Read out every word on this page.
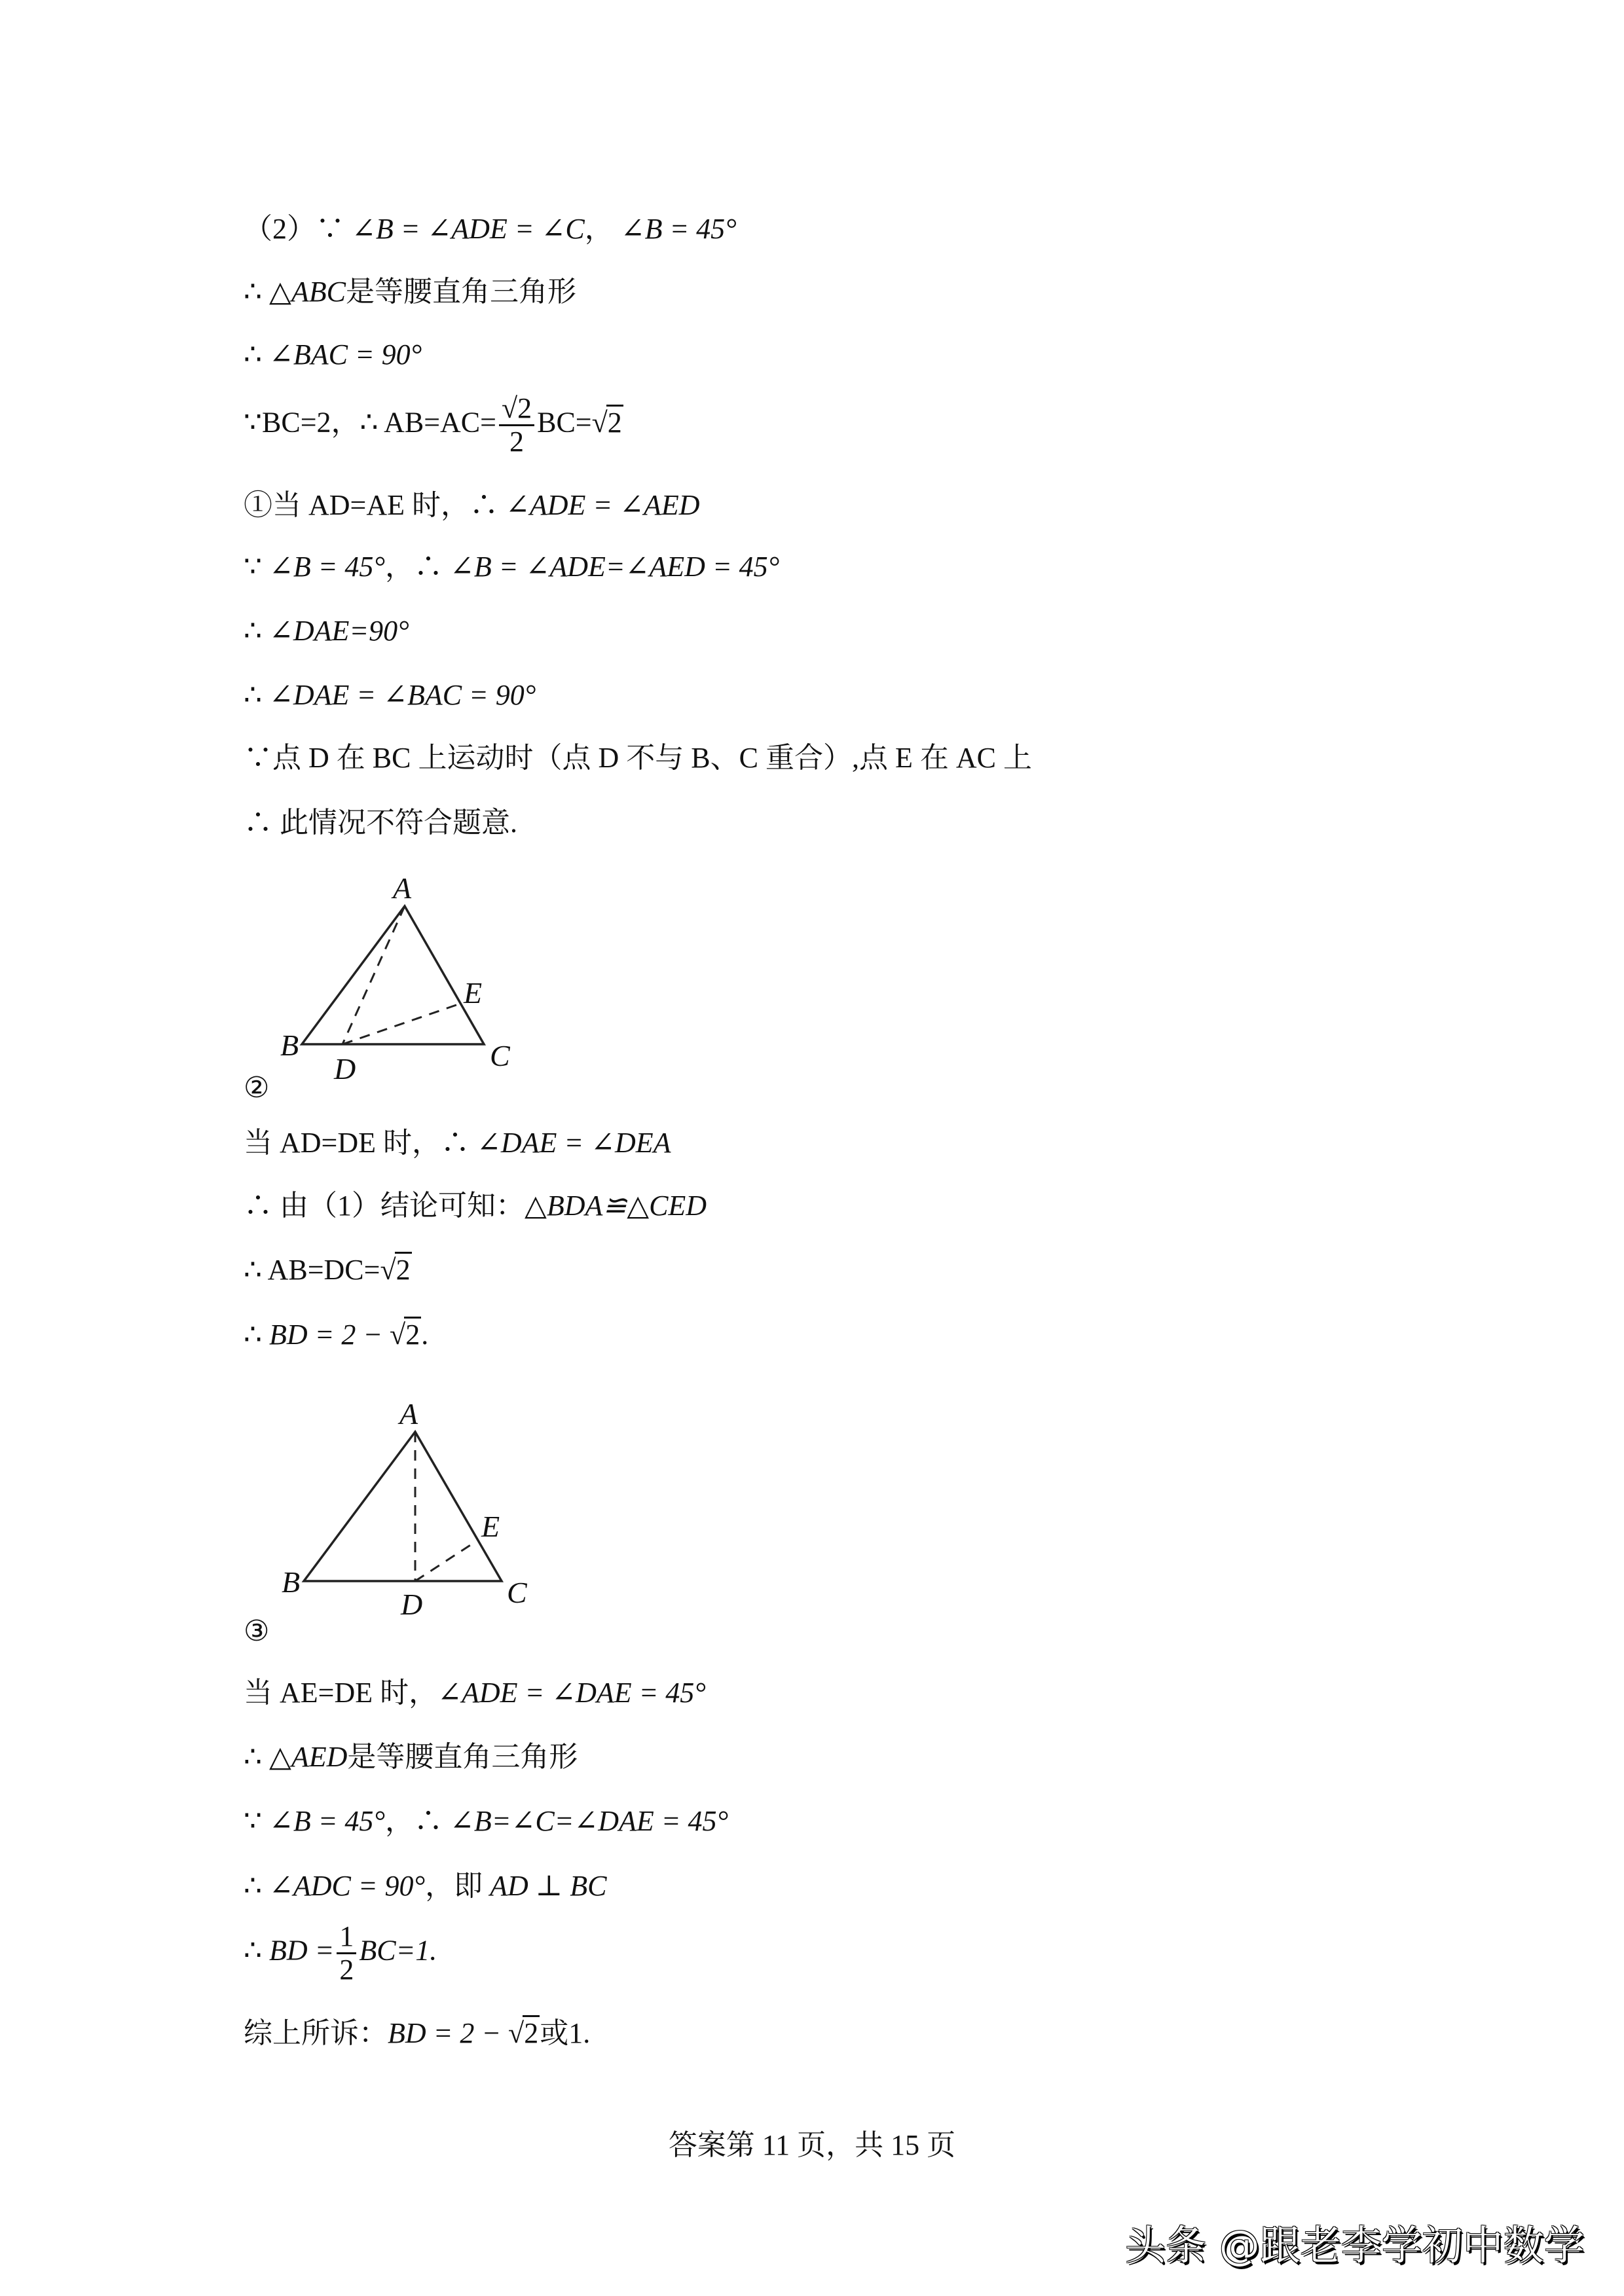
（2）∵ ∠B = ∠ADE = ∠C， ∠B = 45°
∴ △ABC是等腰直角三角形
∴ ∠BAC = 90°
∵BC=2，∴ $AB=AC= \frac{√2}{2} BC=√2$
①当 AD=AE 时，∴ ∠ADE = ∠AED
∵ ∠B = 45°，∴ ∠B = ∠ADE=∠AED = 45°
∴ ∠DAE=90°
∴ ∠DAE = ∠BAC = 90°
∵点 D 在 BC 上运动时（点 D 不与 B、C 重合）,点 E 在 AC 上
∴ 此情况不符合题意.
A
B	C
D
E
②
当 AD=DE 时，∴ ∠DAE = ∠DEA
∴ 由（1）结论可知：△BDA≌△CED
∴ AB=DC=√2
∴ BD = 2 − √2.
A
B	C
D
E
③
当 AE=DE 时，∠ADE = ∠DAE = 45°
∴ △AED是等腰直角三角形
∵ ∠B = 45°，∴ ∠B=∠C=∠DAE = 45°
∴ ∠ADC = 90°，即 AD ⊥ BC
∴ BD = $\frac{1}{2} BC=1$.
综上所诉：BD = 2 − √2或1.
答案第 11 页，共 15 页
头条 @跟老李学初中数学
